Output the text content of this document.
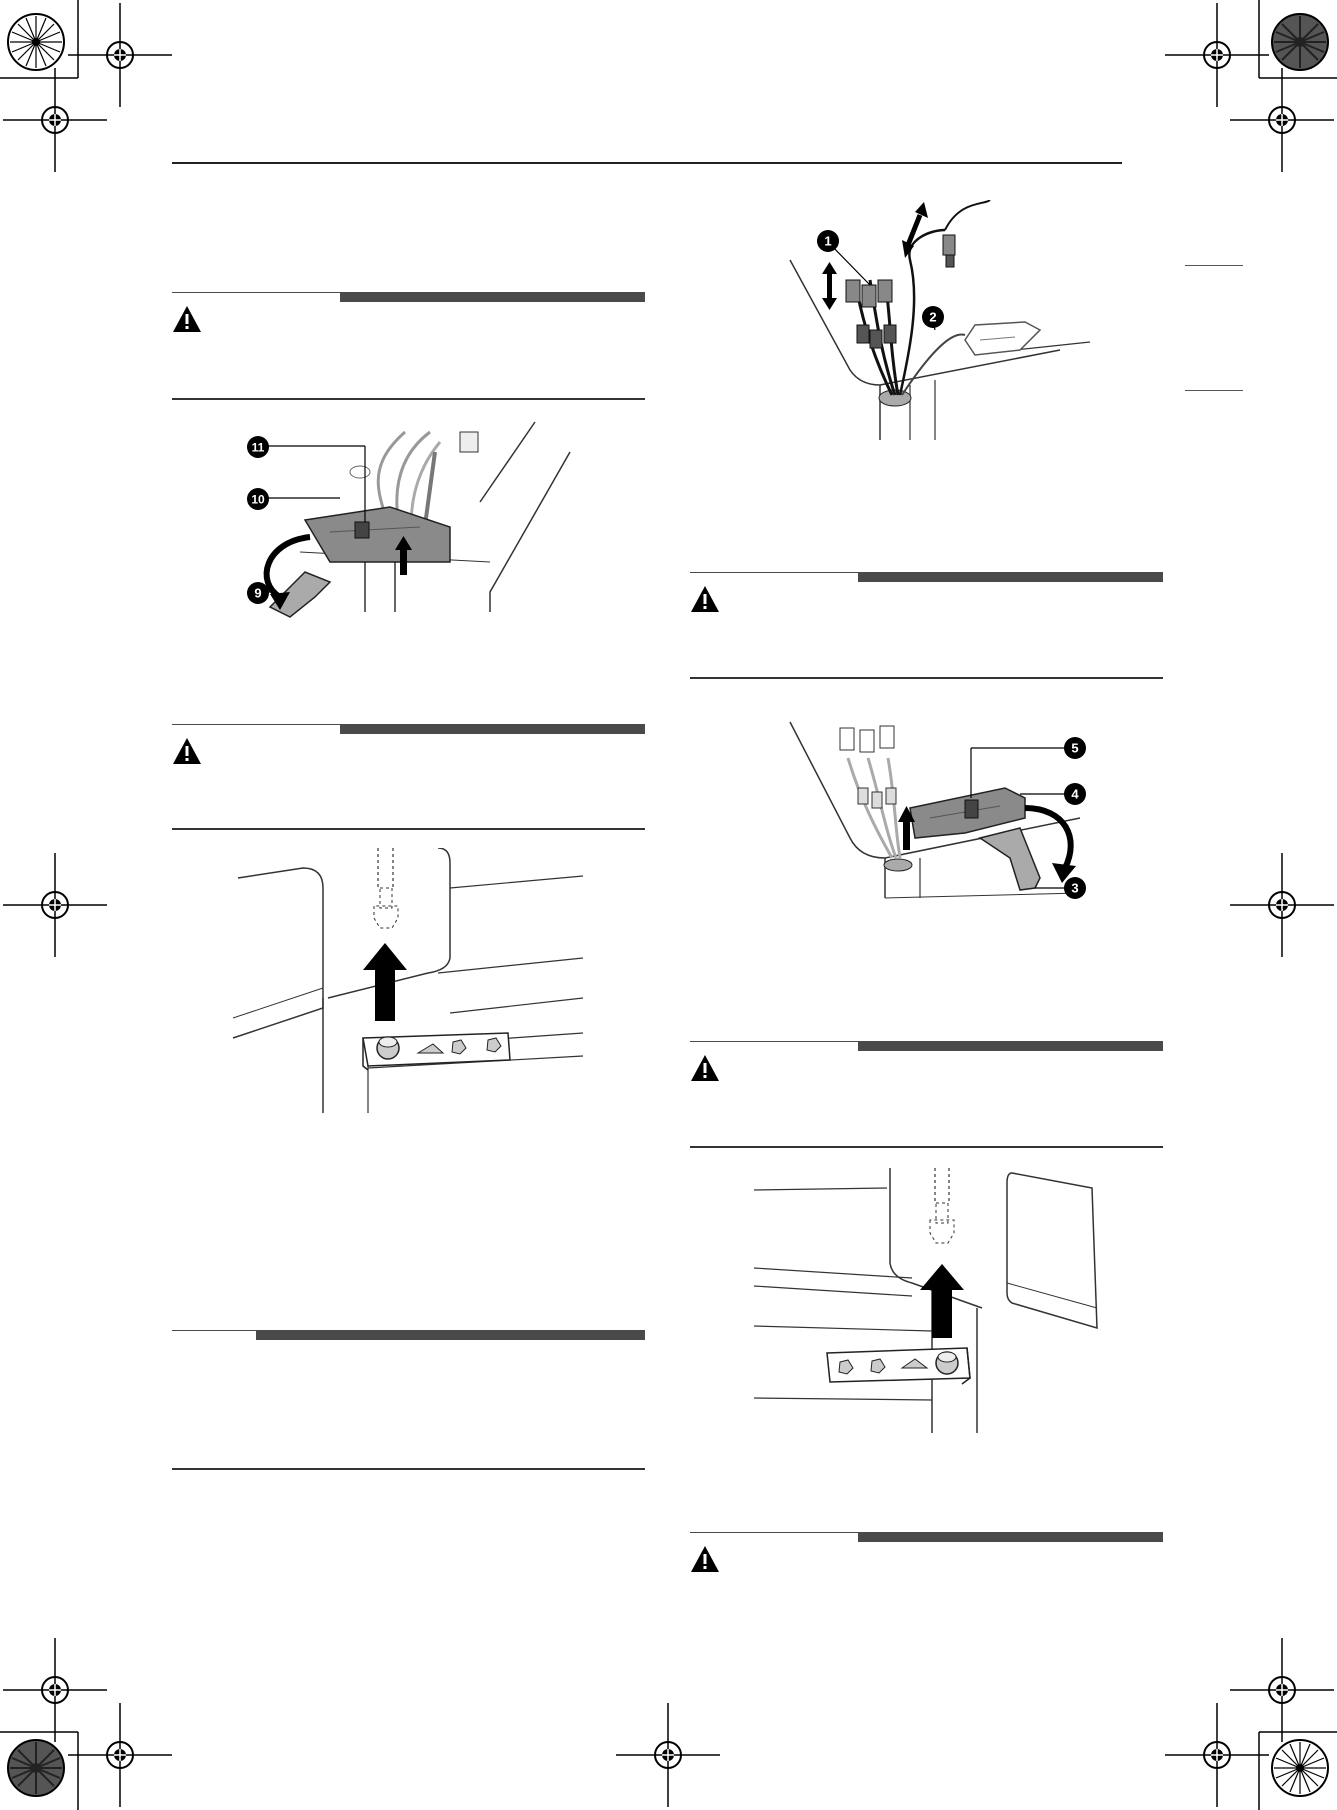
11
10
9
1
2
5
4
3
